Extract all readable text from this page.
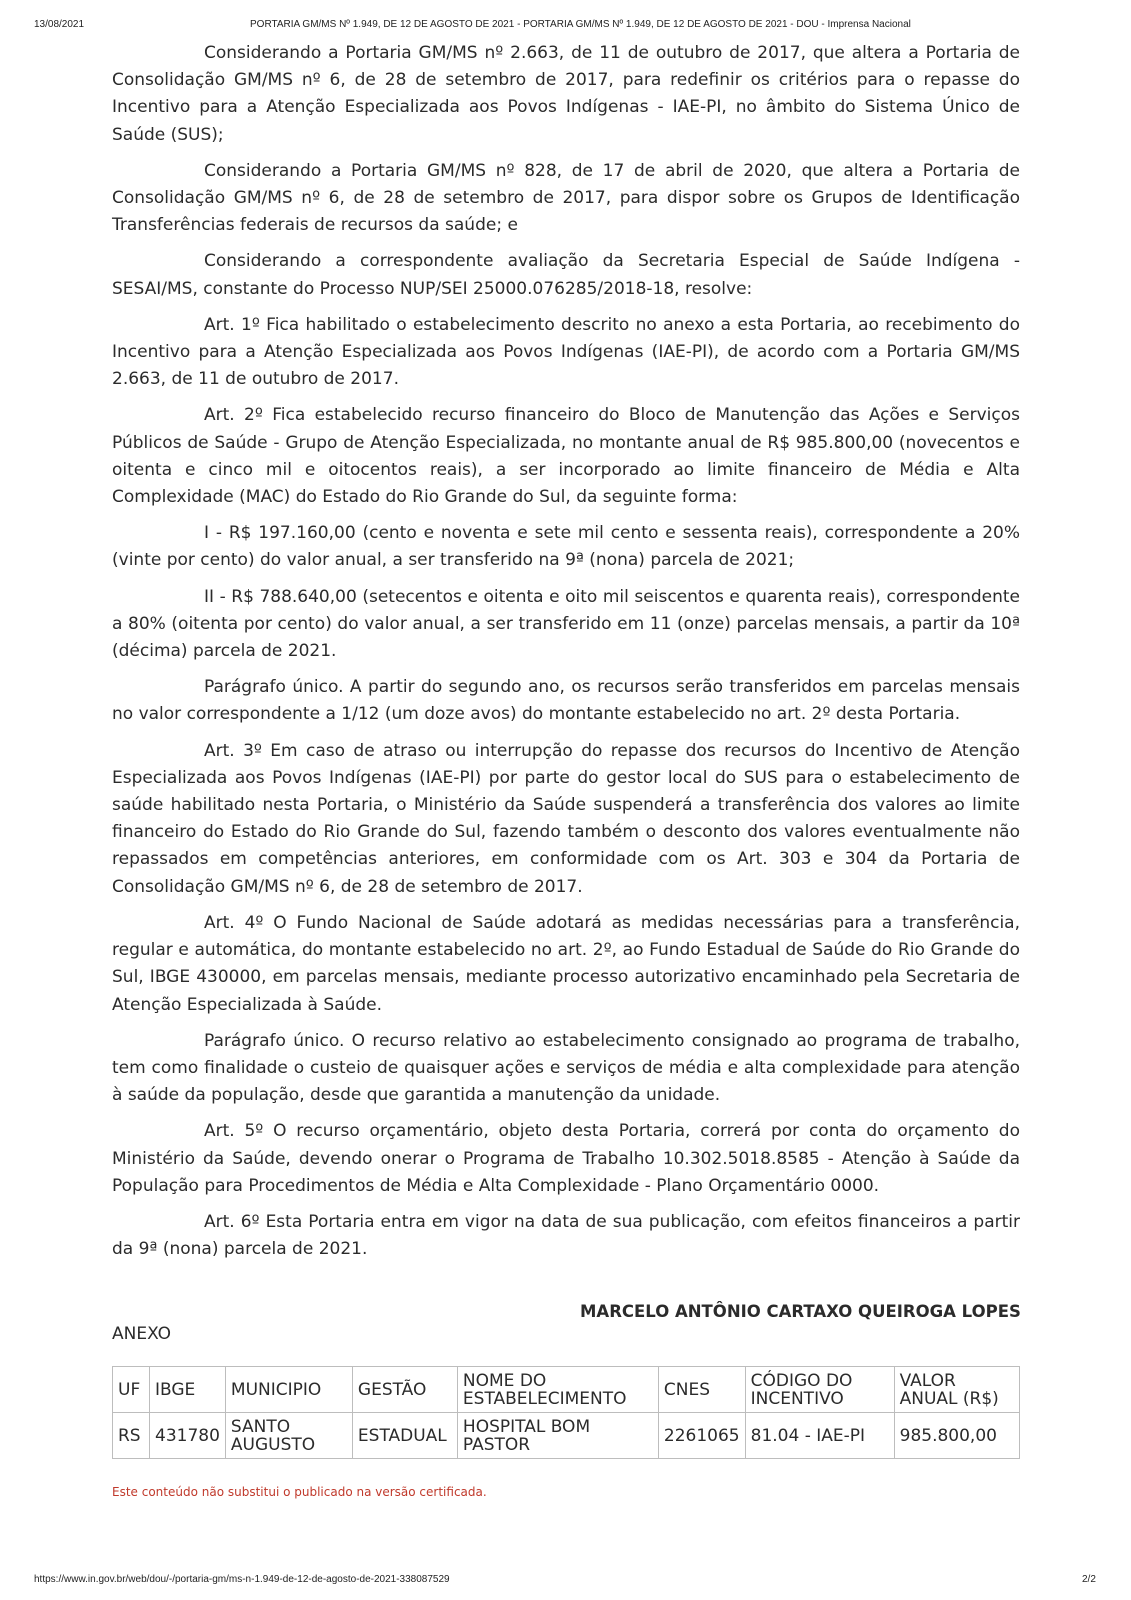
13/08/2021	PORTARIA GM/MS Nº 1.949, DE 12 DE AGOSTO DE 2021 - PORTARIA GM/MS Nº 1.949, DE 12 DE AGOSTO DE 2021 - DOU - Imprensa Nacional

Considerando a Portaria GM/MS nº 2.663, de 11 de outubro de 2017, que altera a Portaria de Consolidação GM/MS nº 6, de 28 de setembro de 2017, para redefinir os critérios para o repasse do Incentivo para a Atenção Especializada aos Povos Indígenas - IAE-PI, no âmbito do Sistema Único de Saúde (SUS);

Considerando a Portaria GM/MS nº 828, de 17 de abril de 2020, que altera a Portaria de Consolidação GM/MS nº 6, de 28 de setembro de 2017, para dispor sobre os Grupos de Identificação Transferências federais de recursos da saúde; e

Considerando a correspondente avaliação da Secretaria Especial de Saúde Indígena - SESAI/MS, constante do Processo NUP/SEI 25000.076285/2018-18, resolve:

Art. 1º Fica habilitado o estabelecimento descrito no anexo a esta Portaria, ao recebimento do Incentivo para a Atenção Especializada aos Povos Indígenas (IAE-PI), de acordo com a Portaria GM/MS 2.663, de 11 de outubro de 2017.

Art. 2º Fica estabelecido recurso financeiro do Bloco de Manutenção das Ações e Serviços Públicos de Saúde - Grupo de Atenção Especializada, no montante anual de R$ 985.800,00 (novecentos e oitenta e cinco mil e oitocentos reais), a ser incorporado ao limite financeiro de Média e Alta Complexidade (MAC) do Estado do Rio Grande do Sul, da seguinte forma:

I - R$ 197.160,00 (cento e noventa e sete mil cento e sessenta reais), correspondente a 20% (vinte por cento) do valor anual, a ser transferido na 9ª (nona) parcela de 2021;

II - R$ 788.640,00 (setecentos e oitenta e oito mil seiscentos e quarenta reais), correspondente a 80% (oitenta por cento) do valor anual, a ser transferido em 11 (onze) parcelas mensais, a partir da 10ª (décima) parcela de 2021.

Parágrafo único. A partir do segundo ano, os recursos serão transferidos em parcelas mensais no valor correspondente a 1/12 (um doze avos) do montante estabelecido no art. 2º desta Portaria.

Art. 3º Em caso de atraso ou interrupção do repasse dos recursos do Incentivo de Atenção Especializada aos Povos Indígenas (IAE-PI) por parte do gestor local do SUS para o estabelecimento de saúde habilitado nesta Portaria, o Ministério da Saúde suspenderá a transferência dos valores ao limite financeiro do Estado do Rio Grande do Sul, fazendo também o desconto dos valores eventualmente não repassados em competências anteriores, em conformidade com os Art. 303 e 304 da Portaria de Consolidação GM/MS nº 6, de 28 de setembro de 2017.

Art. 4º O Fundo Nacional de Saúde adotará as medidas necessárias para a transferência, regular e automática, do montante estabelecido no art. 2º, ao Fundo Estadual de Saúde do Rio Grande do Sul, IBGE 430000, em parcelas mensais, mediante processo autorizativo encaminhado pela Secretaria de Atenção Especializada à Saúde.

Parágrafo único. O recurso relativo ao estabelecimento consignado ao programa de trabalho, tem como finalidade o custeio de quaisquer ações e serviços de média e alta complexidade para atenção à saúde da população, desde que garantida a manutenção da unidade.

Art. 5º O recurso orçamentário, objeto desta Portaria, correrá por conta do orçamento do Ministério da Saúde, devendo onerar o Programa de Trabalho 10.302.5018.8585 - Atenção à Saúde da População para Procedimentos de Média e Alta Complexidade - Plano Orçamentário 0000.

Art. 6º Esta Portaria entra em vigor na data de sua publicação, com efeitos financeiros a partir da 9ª (nona) parcela de 2021.

MARCELO ANTÔNIO CARTAXO QUEIROGA LOPES
ANEXO
UF	IBGE	MUNICIPIO	GESTÃO	NOME DO ESTABELECIMENTO	CNES	CÓDIGO DO INCENTIVO	VALOR ANUAL (R$)
RS	431780	SANTO AUGUSTO	ESTADUAL	HOSPITAL BOM PASTOR	2261065	81.04 - IAE-PI	985.800,00
Este conteúdo não substitui o publicado na versão certificada.
https://www.in.gov.br/web/dou/-/portaria-gm/ms-n-1.949-de-12-de-agosto-de-2021-338087529	2/2
